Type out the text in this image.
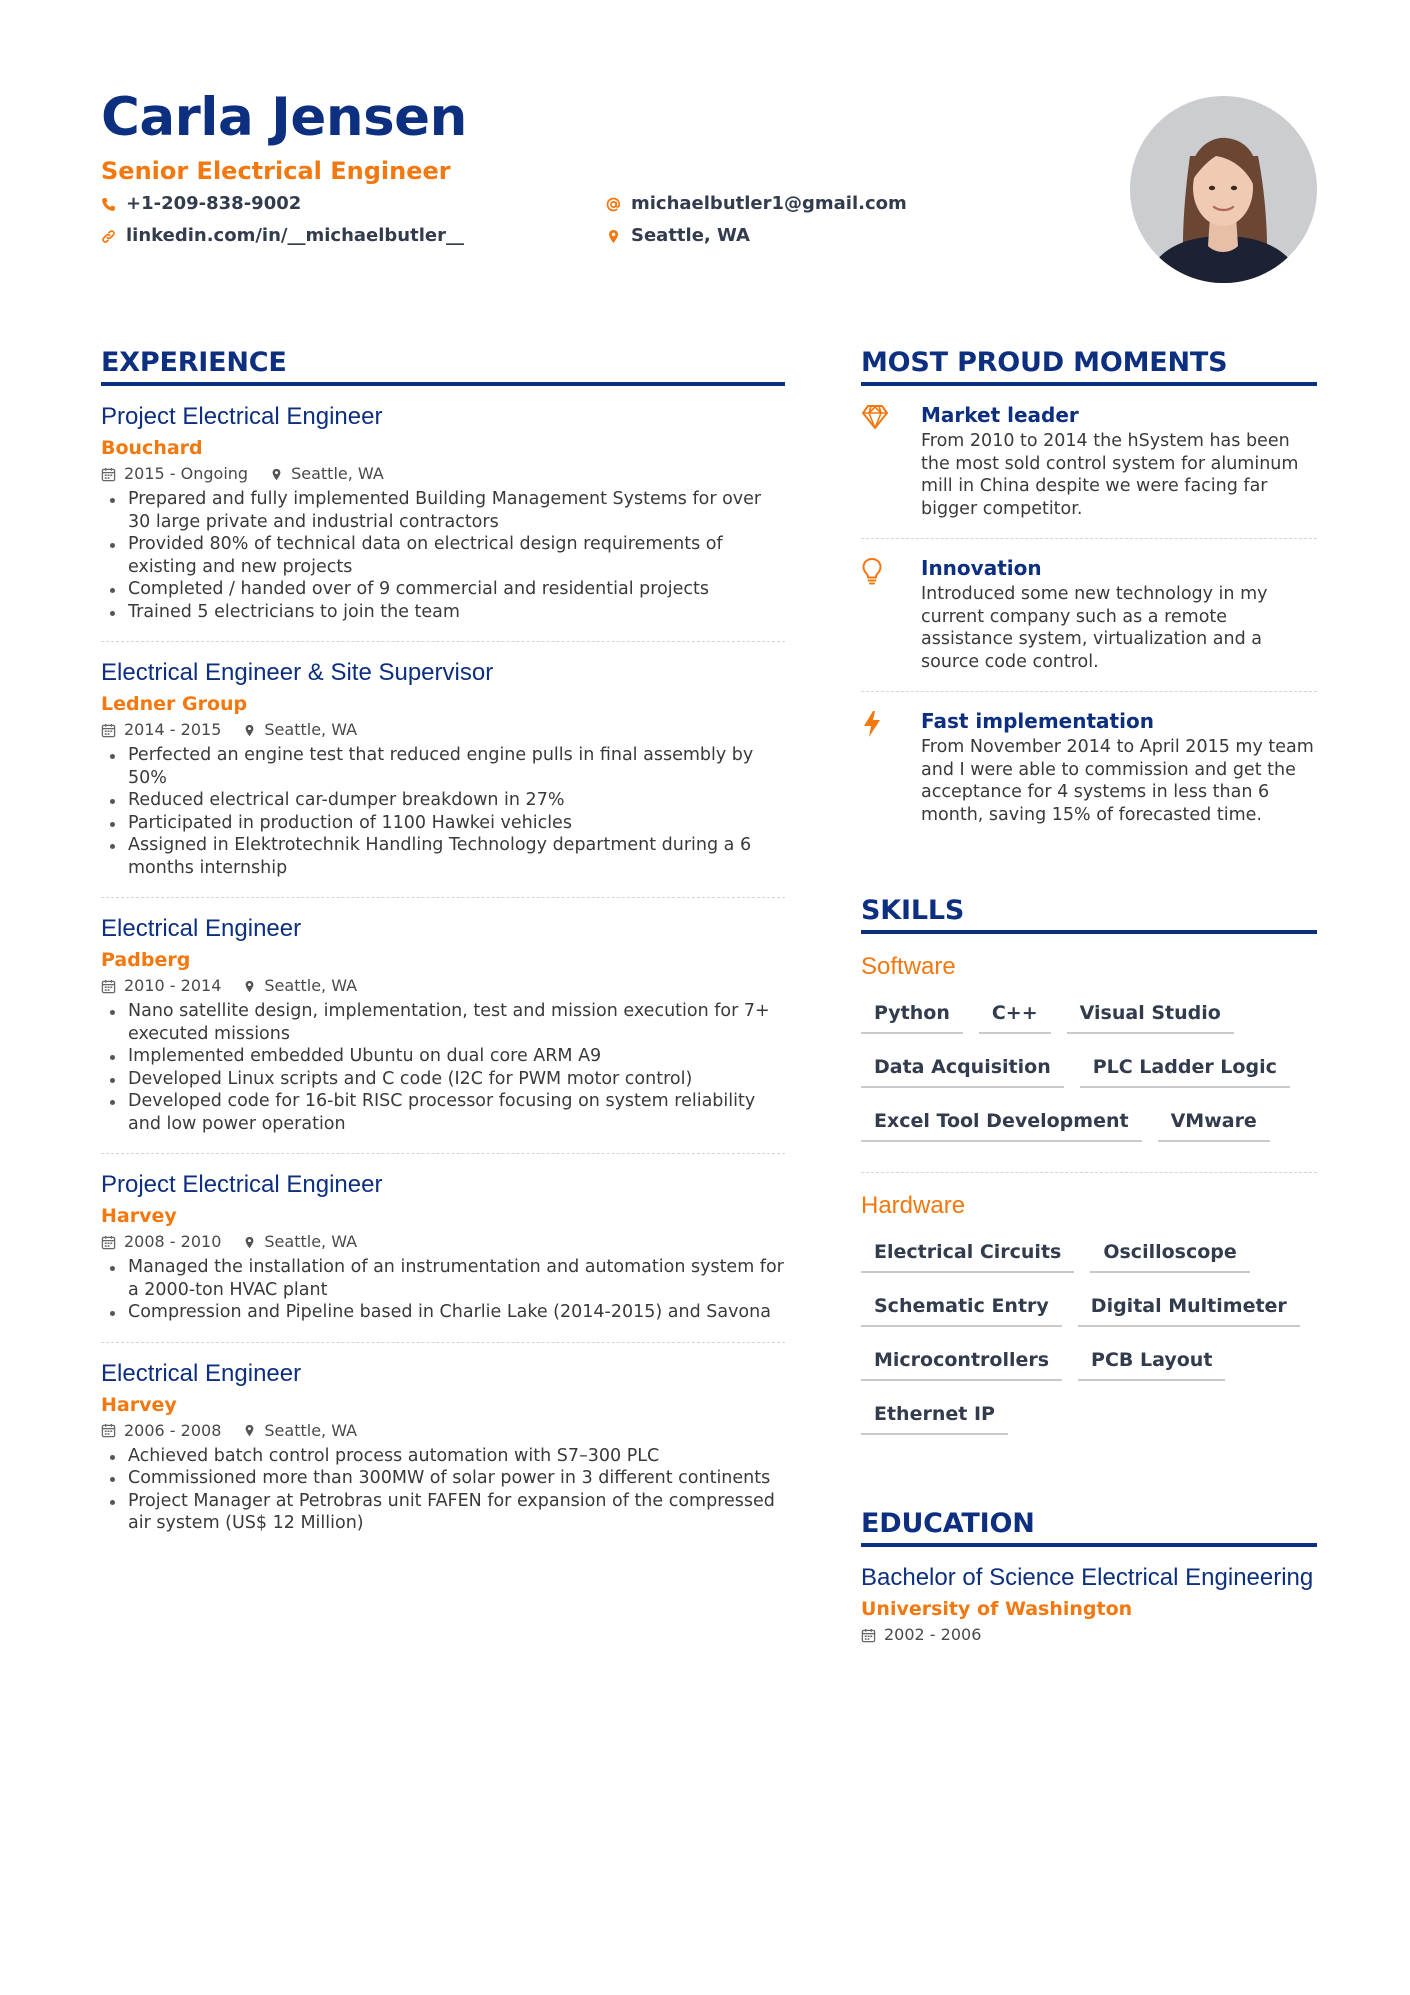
Carla Jensen
Senior Electrical Engineer
+1-209-838-9002	michaelbutler1@gmail.com
linkedin.com/in/__michaelbutler__	Seattle, WA
EXPERIENCE
Project Electrical Engineer
Bouchard
2015 - Ongoing	Seattle, WA
Prepared and fully implemented Building Management Systems for over 30 large private and industrial contractors
Provided 80% of technical data on electrical design requirements of existing and new projects
Completed / handed over of 9 commercial and residential projects
Trained 5 electricians to join the team
Electrical Engineer & Site Supervisor
Ledner Group
2014 - 2015	Seattle, WA
Perfected an engine test that reduced engine pulls in final assembly by 50%
Reduced electrical car-dumper breakdown in 27%
Participated in production of 1100 Hawkei vehicles
Assigned in Elektrotechnik Handling Technology department during a 6 months internship
Electrical Engineer
Padberg
2010 - 2014	Seattle, WA
Nano satellite design, implementation, test and mission execution for 7+ executed missions
Implemented embedded Ubuntu on dual core ARM A9
Developed Linux scripts and C code (I2C for PWM motor control)
Developed code for 16-bit RISC processor focusing on system reliability and low power operation
Project Electrical Engineer
Harvey
2008 - 2010	Seattle, WA
Managed the installation of an instrumentation and automation system for a 2000-ton HVAC plant
Compression and Pipeline based in Charlie Lake (2014-2015) and Savona
Electrical Engineer
Harvey
2006 - 2008	Seattle, WA
Achieved batch control process automation with S7–300 PLC
Commissioned more than 300MW of solar power in 3 different continents
Project Manager at Petrobras unit FAFEN for expansion of the compressed air system (US$ 12 Million)
MOST PROUD MOMENTS
Market leader
From 2010 to 2014 the hSystem has been the most sold control system for aluminum mill in China despite we were facing far bigger competitor.
Innovation
Introduced some new technology in my current company such as a remote assistance system, virtualization and a source code control.
Fast implementation
From November 2014 to April 2015 my team and I were able to commission and get the acceptance for 4 systems in less than 6 month, saving 15% of forecasted time.
SKILLS
Software
Python	C++	Visual Studio
Data Acquisition	PLC Ladder Logic
Excel Tool Development	VMware
Hardware
Electrical Circuits	Oscilloscope
Schematic Entry	Digital Multimeter
Microcontrollers	PCB Layout
Ethernet IP
EDUCATION
Bachelor of Science Electrical Engineering
University of Washington
2002 - 2006
